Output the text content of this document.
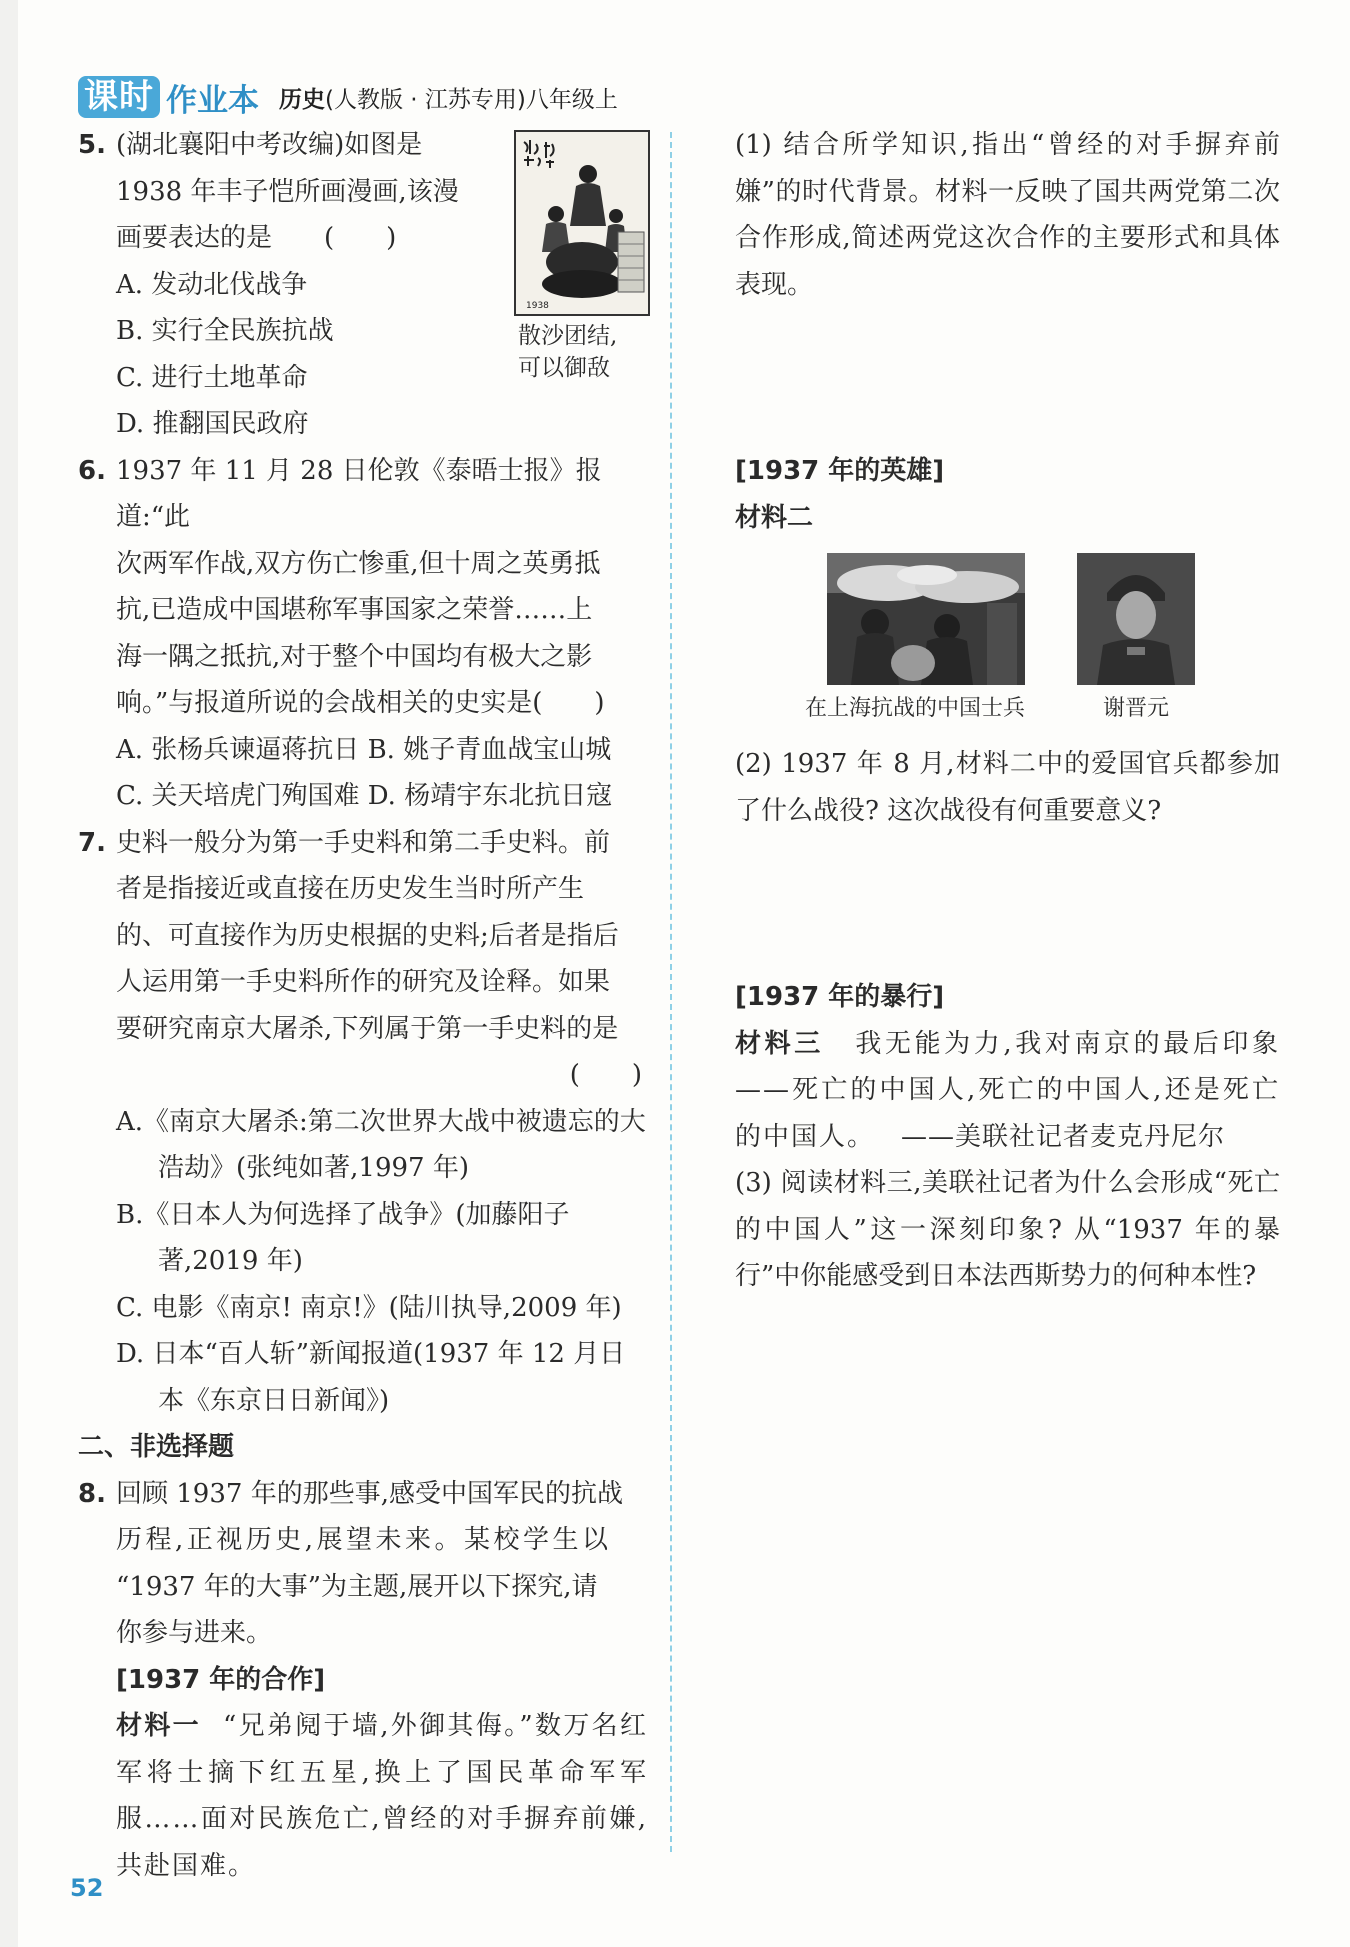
课时 作业本 历史(人教版 · 江苏专用)八年级上
5. (湖北襄阳中考改编)如图是

1938 年丰子恺所画漫画,该漫

画要表达的是 (　　)

A. 发动北伐战争

B. 实行全民族抗战

C. 进行土地革命

D. 推翻国民政府

1938

散沙团结,

可以御敌

6. 1937 年 11 月 28 日伦敦《泰晤士报》报道:“此

次两军作战,双方伤亡惨重,但十周之英勇抵

抗,已造成中国堪称军事国家之荣誉……上

海一隅之抵抗,对于整个中国均有极大之影

响。”与报道所说的会战相关的史实是(　　)

A. 张杨兵谏逼蒋抗日 B. 姚子青血战宝山城

C. 关天培虎门殉国难 D. 杨靖宇东北抗日寇

7. 史料一般分为第一手史料和第二手史料。前

者是指接近或直接在历史发生当时所产生

的、可直接作为历史根据的史料;后者是指后

人运用第一手史料所作的研究及诠释。如果

要研究南京大屠杀,下列属于第一手史料的是

(　　)

A.《南京大屠杀:第二次世界大战中被遗忘的大浩劫》(张纯如著,1997 年)

B.《日本人为何选择了战争》(加藤阳子著,2019 年)

C. 电影《南京! 南京!》(陆川执导,2009 年)

D. 日本“百人斩”新闻报道(1937 年 12 月日本《东京日日新闻》)

二、非选择题

8. 回顾 1937 年的那些事,感受中国军民的抗战

历程,正视历史,展望未来。某校学生以

“1937 年的大事”为主题,展开以下探究,请

你参与进来。

[1937 年的合作]

材料一 “兄弟阋于墙,外御其侮。”数万名红军将士摘下红五星,换上了国民革命军军服……面对民族危亡,曾经的对手摒弃前嫌,共赴国难。

(1) 结合所学知识,指出“曾经的对手摒弃前嫌”的时代背景。材料一反映了国共两党第二次合作形成,简述两党这次合作的主要形式和具体表现。

[1937 年的英雄]

材料二

在上海抗战的中国士兵	谢晋元

(2) 1937 年 8 月,材料二中的爱国官兵都参加了什么战役? 这次战役有何重要意义?

[1937 年的暴行]

材料三 我无能为力,我对南京的最后印象——死亡的中国人,死亡的中国人,还是死亡的中国人。 ——美联社记者麦克丹尼尔

(3) 阅读材料三,美联社记者为什么会形成“死亡的中国人”这一深刻印象? 从“1937 年的暴行”中你能感受到日本法西斯势力的何种本性?

52
